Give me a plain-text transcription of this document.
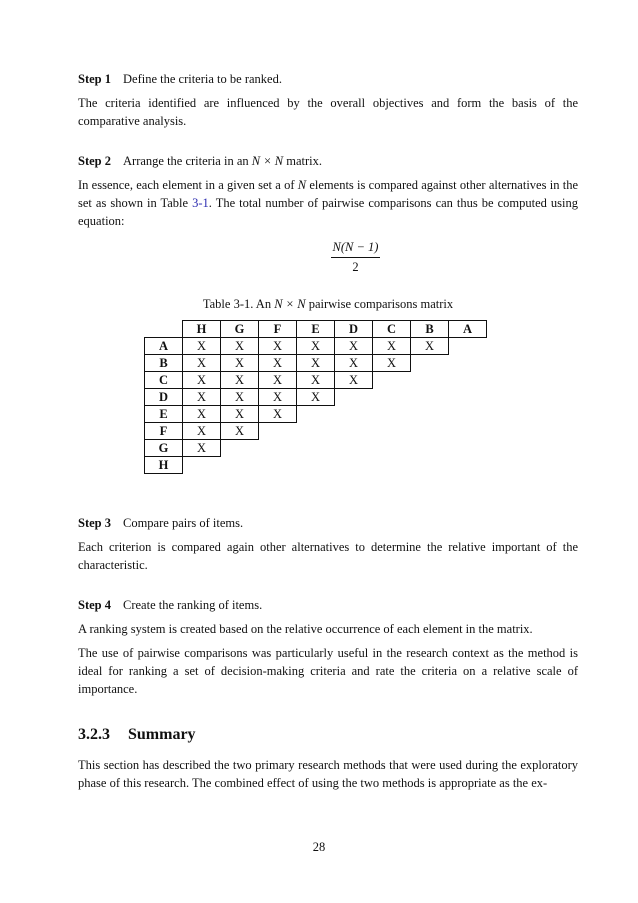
Step 1 Define the criteria to be ranked.

The criteria identified are influenced by the overall objectives and form the basis of the comparative analysis.

Step 2 Arrange the criteria in an N × N matrix.

In essence, each element in a given set a of N elements is compared against other alternatives in the set as shown in Table 3-1. The total number of pairwise comparisons can thus be computed using equation:

$\frac{N(N - 1)}{2}$
Table 3-1. An N × N pairwise comparisons matrix
	H	G	F	E	D	C	B	A
A	X	X	X	X	X	X	X	
B	X	X	X	X	X	X		
C	X	X	X	X	X			
D	X	X	X	X				
E	X	X	X					
F	X	X						
G	X							
H								

Step 3 Compare pairs of items.

Each criterion is compared again other alternatives to determine the relative important of the characteristic.

Step 4 Create the ranking of items.

A ranking system is created based on the relative occurrence of each element in the matrix.

The use of pairwise comparisons was particularly useful in the research context as the method is ideal for ranking a set of decision-making criteria and rate the criteria on a relative scale of importance.

3.2.3 Summary

This section has described the two primary research methods that were used during the exploratory phase of this research. The combined effect of using the two methods is appropriate as the ex-

28
